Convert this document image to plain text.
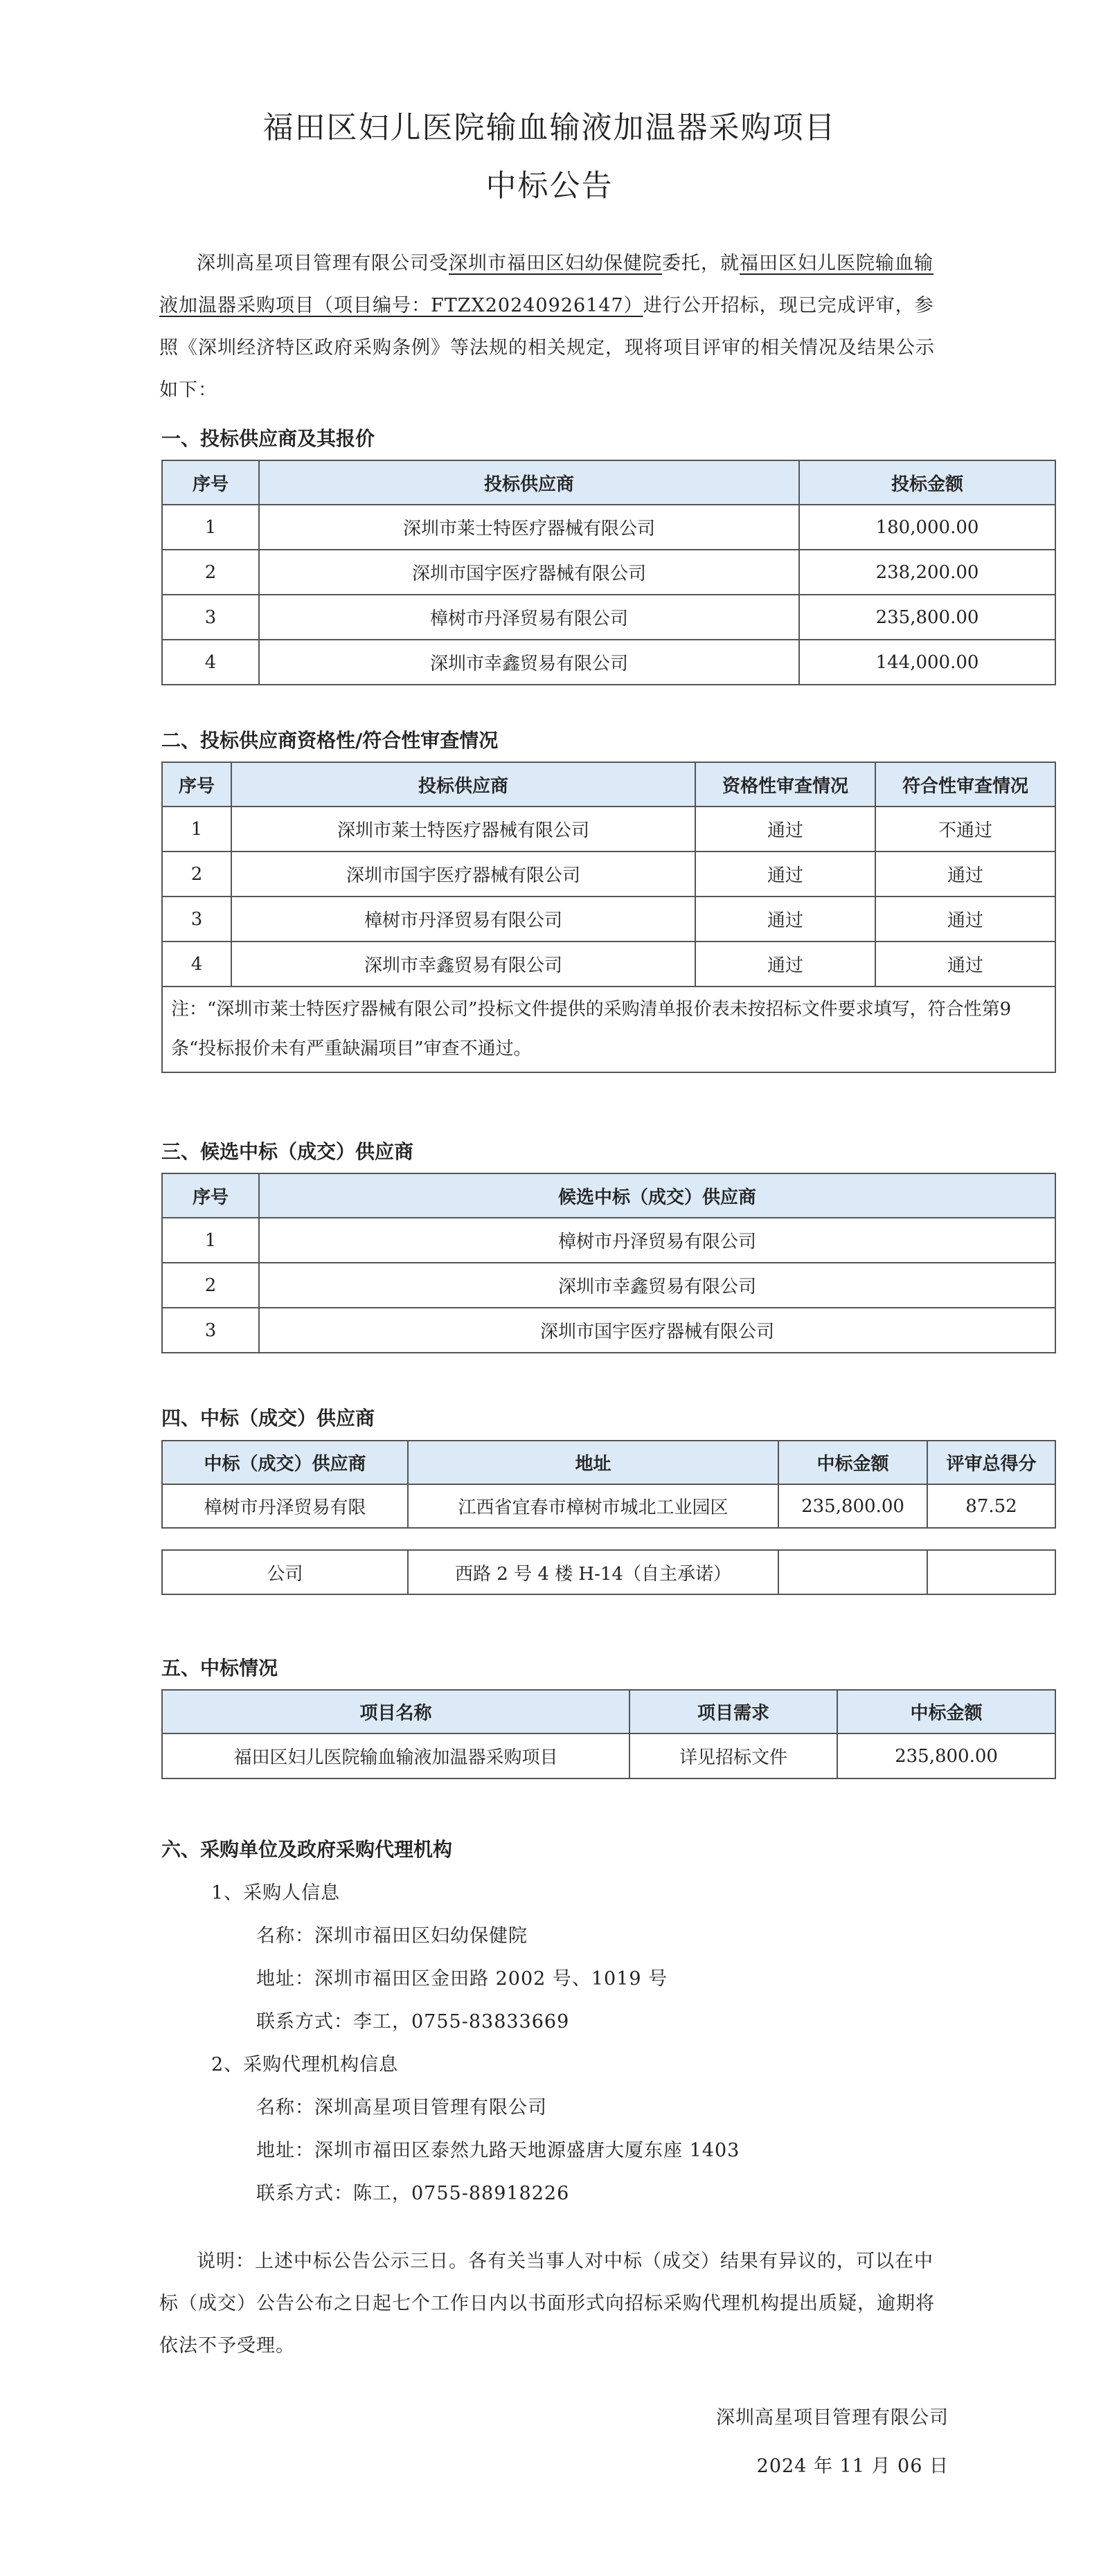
福田区妇儿医院输血输液加温器采购项目
中标公告
深圳高星项目管理有限公司受深圳市福田区妇幼保健院委托，就福田区妇儿医院输血输液加温器采购项目（项目编号：FTZX20240926147）进行公开招标，现已完成评审，参照《深圳经济特区政府采购条例》等法规的相关规定，现将项目评审的相关情况及结果公示如下：
一、投标供应商及其报价
序号	投标供应商	投标金额
1	深圳市莱士特医疗器械有限公司	180,000.00
2	深圳市国宇医疗器械有限公司	238,200.00
3	樟树市丹泽贸易有限公司	235,800.00
4	深圳市幸鑫贸易有限公司	144,000.00
二、投标供应商资格性/符合性审查情况
序号	投标供应商	资格性审查情况	符合性审查情况
1	深圳市莱士特医疗器械有限公司	通过	不通过
2	深圳市国宇医疗器械有限公司	通过	通过
3	樟树市丹泽贸易有限公司	通过	通过
4	深圳市幸鑫贸易有限公司	通过	通过
注：“深圳市莱士特医疗器械有限公司”投标文件提供的采购清单报价表未按招标文件要求填写，符合性第9条“投标报价未有严重缺漏项目”审查不通过。			
三、候选中标（成交）供应商
序号	候选中标（成交）供应商
1	樟树市丹泽贸易有限公司
2	深圳市幸鑫贸易有限公司
3	深圳市国宇医疗器械有限公司
四、中标（成交）供应商
中标（成交）供应商	地址	中标金额	评审总得分
樟树市丹泽贸易有限	江西省宜春市樟树市城北工业园区	235,800.00	87.52
公司	西路 2 号 4 楼 H-14（自主承诺）		
五、中标情况
项目名称	项目需求	中标金额
福田区妇儿医院输血输液加温器采购项目	详见招标文件	235,800.00
六、采购单位及政府采购代理机构
1、采购人信息
名称：深圳市福田区妇幼保健院
地址：深圳市福田区金田路 2002 号、1019 号
联系方式：李工，0755-83833669
2、采购代理机构信息
名称：深圳高星项目管理有限公司
地址：深圳市福田区泰然九路天地源盛唐大厦东座 1403
联系方式：陈工，0755-88918226
说明：上述中标公告公示三日。各有关当事人对中标（成交）结果有异议的，可以在中标（成交）公告公布之日起七个工作日内以书面形式向招标采购代理机构提出质疑，逾期将依法不予受理。
深圳高星项目管理有限公司
2024 年 11 月 06 日
